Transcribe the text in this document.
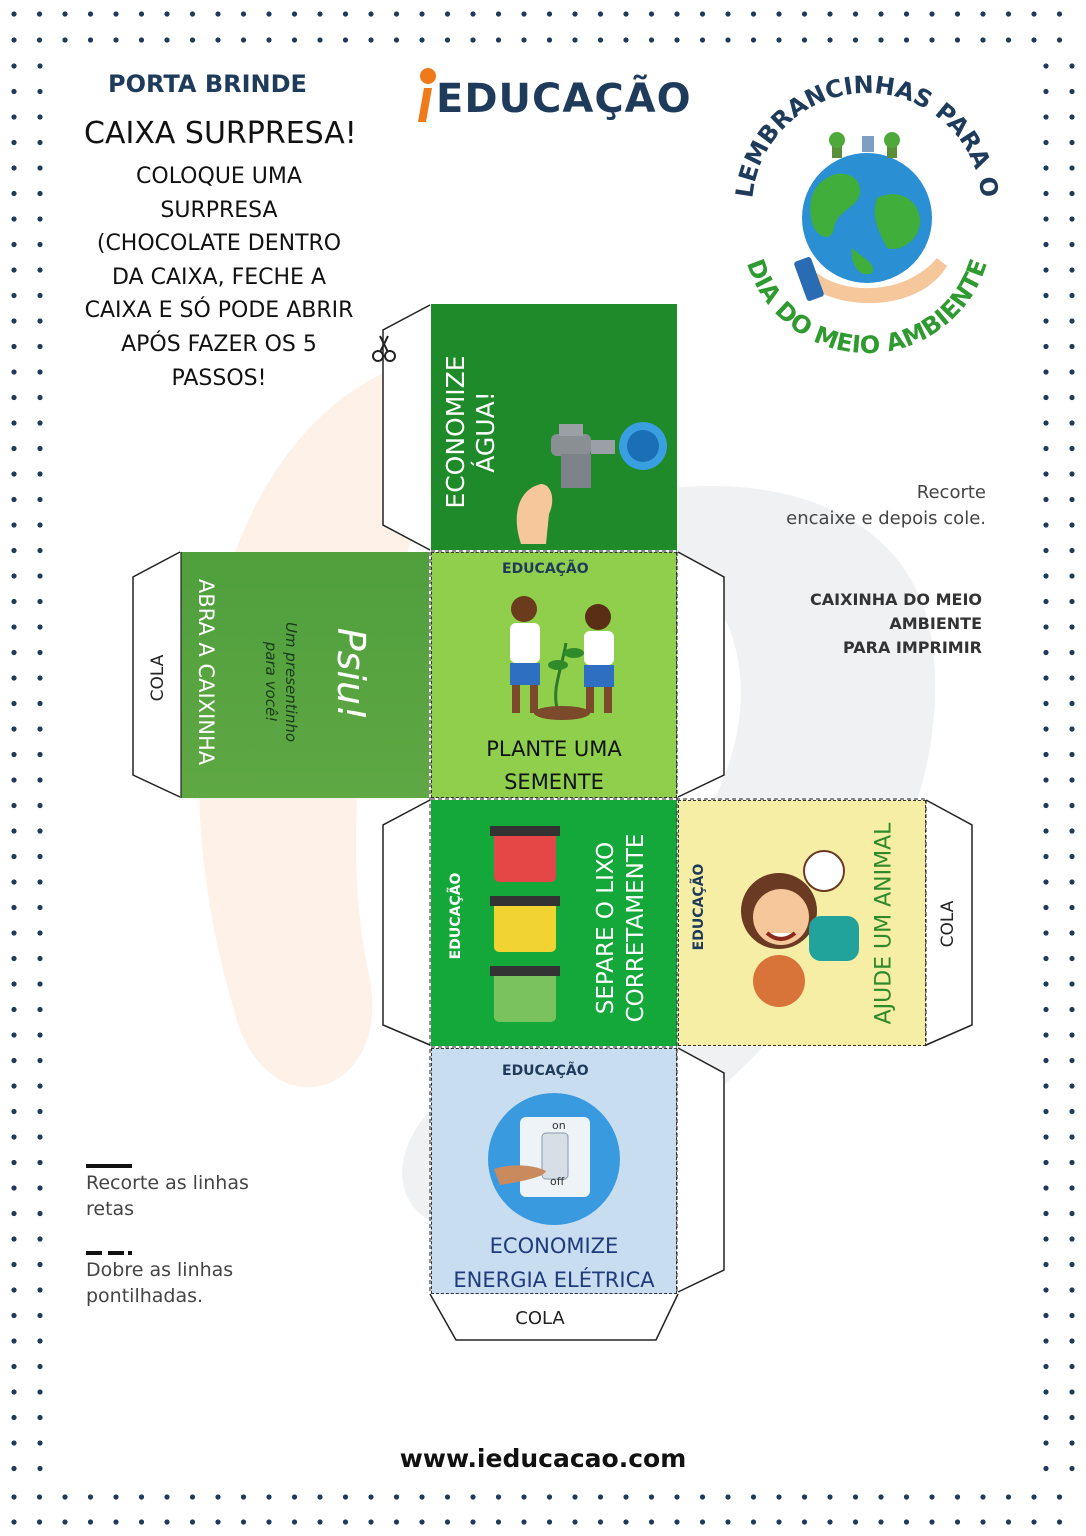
PORTA BRINDE
CAIXA SURPRESA!
COLOQUE UMA
SURPRESA
(CHOCOLATE DENTRO
DA CAIXA, FECHE A
CAIXA E SÓ PODE ABRIR
APÓS FAZER OS 5
PASSOS!
EDUCAÇÃO
LEMBRANCINHAS PARA O
DIA DO MEIO AMBIENTE
Recorte
encaixe e depois cole.
CAIXINHA DO MEIO
AMBIENTE
PARA IMPRIMIR
ECONOMIZE ÁGUA!
ABRA A CAIXINHA	Psiu!
Um presentinho
para você!
EDUCAÇÃO
PLANTE UMA
SEMENTE
EDUCAÇÃO	SEPARE O LIXO CORRETAMENTE	EDUCAÇÃO	AJUDE UM ANIMAL
EDUCAÇÃO
on
off
ECONOMIZE
ENERGIA ELÉTRICA
COLA
COLA
COLA
Recorte as linhas
retas
Dobre as linhas
pontilhadas.
www.ieducacao.com
